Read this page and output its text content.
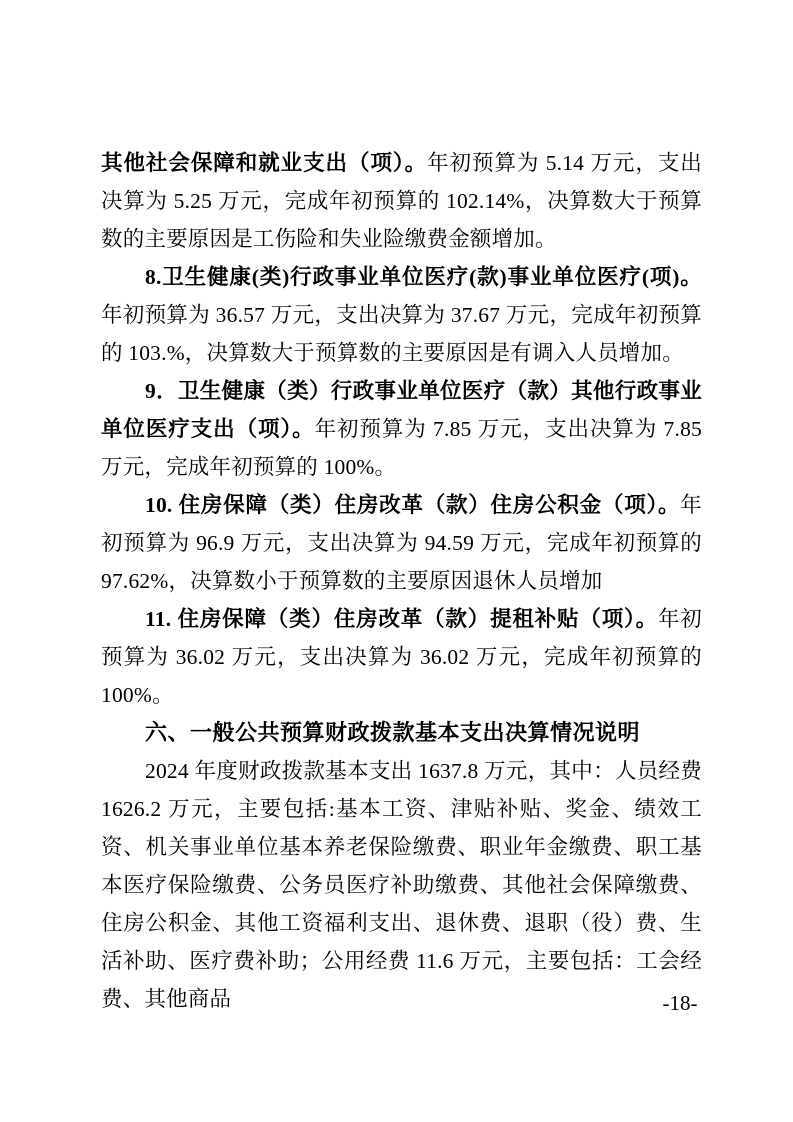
其他社会保障和就业支出（项）。年初预算为 5.14 万元，支出决算为 5.25 万元，完成年初预算的 102.14%，决算数大于预算数的主要原因是工伤险和失业险缴费金额增加。

8.卫生健康(类)行政事业单位医疗(款)事业单位医疗(项)。年初预算为 36.57 万元，支出决算为 37.67 万元，完成年初预算的 103.%，决算数大于预算数的主要原因是有调入人员增加。

9．卫生健康（类）行政事业单位医疗（款）其他行政事业单位医疗支出（项）。年初预算为 7.85 万元，支出决算为 7.85 万元，完成年初预算的 100%。

10. 住房保障（类）住房改革（款）住房公积金（项）。年初预算为 96.9 万元，支出决算为 94.59 万元，完成年初预算的 97.62%，决算数小于预算数的主要原因退休人员增加

11. 住房保障（类）住房改革（款）提租补贴（项）。年初预算为 36.02 万元，支出决算为 36.02 万元，完成年初预算的 100%。

六、一般公共预算财政拨款基本支出决算情况说明

2024 年度财政拨款基本支出 1637.8 万元，其中：人员经费 1626.2 万元，主要包括:基本工资、津贴补贴、奖金、绩效工资、机关事业单位基本养老保险缴费、职业年金缴费、职工基本医疗保险缴费、公务员医疗补助缴费、其他社会保障缴费、住房公积金、其他工资福利支出、退休费、退职（役）费、生活补助、医疗费补助；公用经费 11.6 万元，主要包括：工会经费、其他商品	-18-
